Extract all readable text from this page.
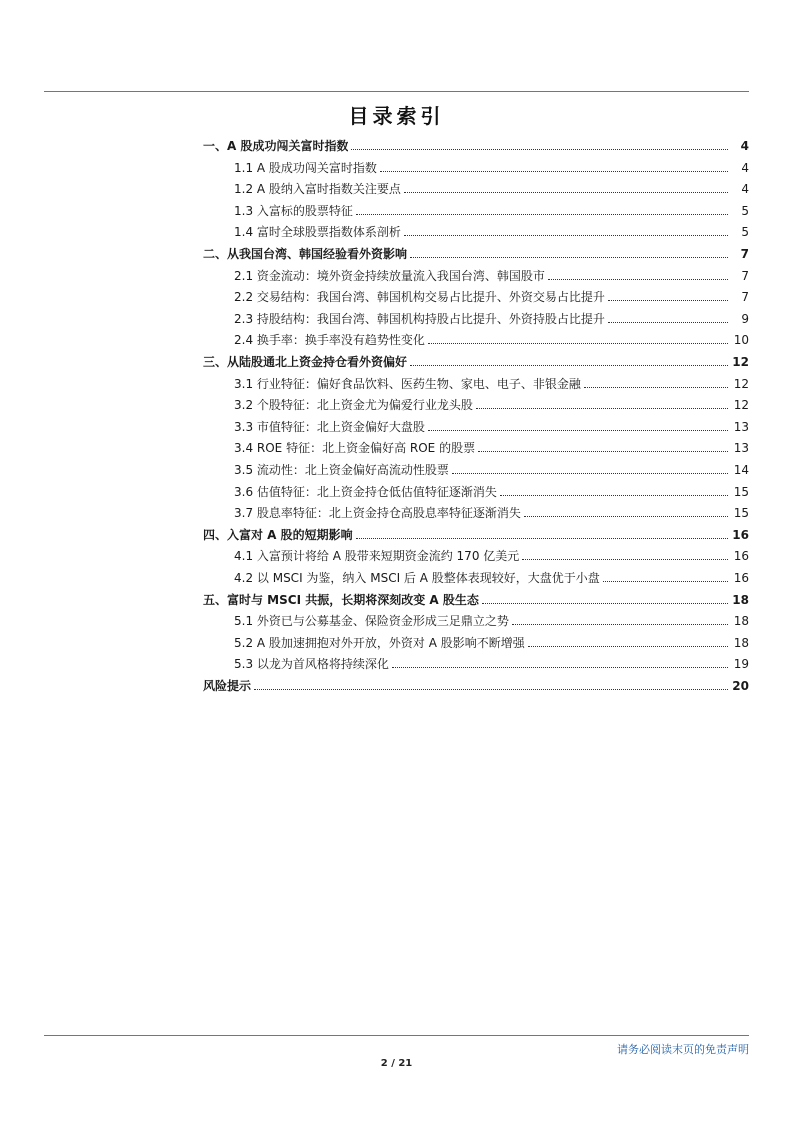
目录索引
一、A 股成功闯关富时指数	4
1.1 A 股成功闯关富时指数	4
1.2 A 股纳入富时指数关注要点	4
1.3 入富标的股票特征	5
1.4 富时全球股票指数体系剖析	5
二、从我国台湾、韩国经验看外资影响	7
2.1 资金流动：境外资金持续放量流入我国台湾、韩国股市	7
2.2 交易结构：我国台湾、韩国机构交易占比提升、外资交易占比提升	7
2.3 持股结构：我国台湾、韩国机构持股占比提升、外资持股占比提升	9
2.4 换手率：换手率没有趋势性变化	10
三、从陆股通北上资金持仓看外资偏好	12
3.1 行业特征：偏好食品饮料、医药生物、家电、电子、非银金融	12
3.2 个股特征：北上资金尤为偏爱行业龙头股	12
3.3 市值特征：北上资金偏好大盘股	13
3.4 ROE 特征：北上资金偏好高 ROE 的股票	13
3.5 流动性：北上资金偏好高流动性股票	14
3.6 估值特征：北上资金持仓低估值特征逐渐消失	15
3.7 股息率特征：北上资金持仓高股息率特征逐渐消失	15
四、入富对 A 股的短期影响	16
4.1 入富预计将给 A 股带来短期资金流约 170 亿美元	16
4.2 以 MSCI 为鉴，纳入 MSCI 后 A 股整体表现较好，大盘优于小盘	16
五、富时与 MSCI 共振，长期将深刻改变 A 股生态	18
5.1 外资已与公募基金、保险资金形成三足鼎立之势	18
5.2 A 股加速拥抱对外开放，外资对 A 股影响不断增强	18
5.3 以龙为首风格将持续深化	19
风险提示	20
请务必阅读末页的免责声明
2 / 21
